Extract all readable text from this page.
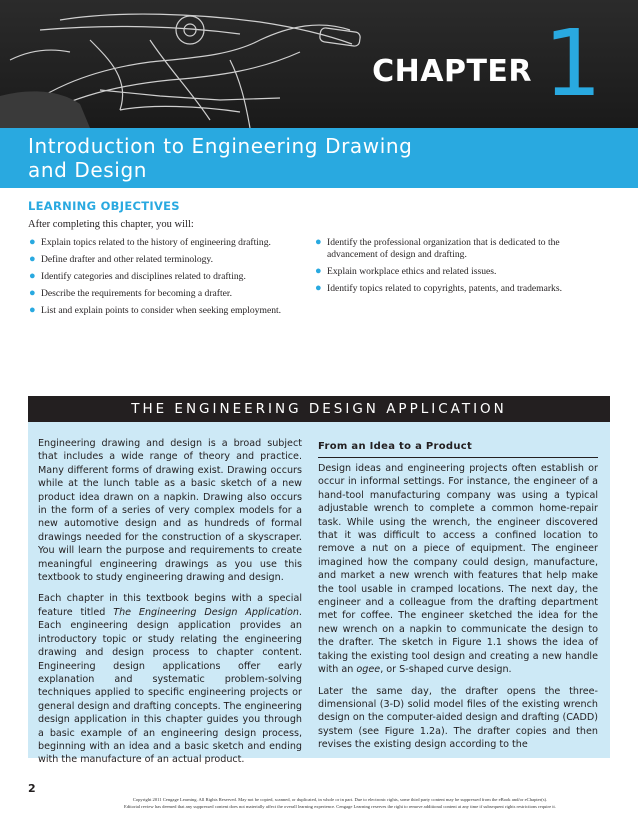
CHAPTER 1
Introduction to Engineering Drawing
and Design
LEARNING OBJECTIVES
After completing this chapter, you will:
● Explain topics related to the history of engineering drafting.
● Define drafter and other related terminology.
● Identify categories and disciplines related to drafting.
● Describe the requirements for becoming a drafter.
● List and explain points to consider when seeking employment.
● Identify the professional organization that is dedicated to the advancement of design and drafting.
● Explain workplace ethics and related issues.
● Identify topics related to copyrights, patents, and trademarks.
THE ENGINEERING DESIGN APPLICATION

Engineering drawing and design is a broad subject that includes a wide range of theory and practice. Many different forms of drawing exist. Drawing occurs while at the lunch table as a basic sketch of a new product idea drawn on a napkin. Drawing also occurs in the form of a series of very complex models for a new automotive design and as hundreds of formal drawings needed for the construction of a skyscraper. You will learn the purpose and requirements to create meaningful engineering drawings as you use this textbook to study engineering drawing and design.

Each chapter in this textbook begins with a special feature titled The Engineering Design Application. Each engineering design application provides an introductory topic or study relating the engineering drawing and design process to chapter content. Engineering design applications offer early explanation and systematic problem-solving techniques applied to specific engineering projects or general design and drafting concepts. The engineering design application in this chapter guides you through a basic example of an engineering design process, beginning with an idea and a basic sketch and ending with the manufacture of an actual product.

From an Idea to a Product

Design ideas and engineering projects often establish or occur in informal settings. For instance, the engineer of a hand-tool manufacturing company was using a typical adjustable wrench to complete a common home-repair task. While using the wrench, the engineer discovered that it was difficult to access a confined location to remove a nut on a piece of equipment. The engineer imagined how the company could design, manufacture, and market a new wrench with features that help make the tool usable in cramped locations. The next day, the engineer and a colleague from the drafting department met for coffee. The engineer sketched the idea for the new wrench on a napkin to communicate the design to the drafter. The sketch in Figure 1.1 shows the idea of taking the existing tool design and creating a new handle with an ogee, or S-shaped curve design.

Later the same day, the drafter opens the three-dimensional (3-D) solid model files of the existing wrench design on the computer-aided design and drafting (CADD) system (see Figure 1.2a). The drafter copies and then revises the existing design according to the

2
Copyright 2011 Cengage Learning. All Rights Reserved. May not be copied, scanned, or duplicated, in whole or in part. Due to electronic rights, some third party content may be suppressed from the eBook and/or eChapter(s).
Editorial review has deemed that any suppressed content does not materially affect the overall learning experience. Cengage Learning reserves the right to remove additional content at any time if subsequent rights restrictions require it.
